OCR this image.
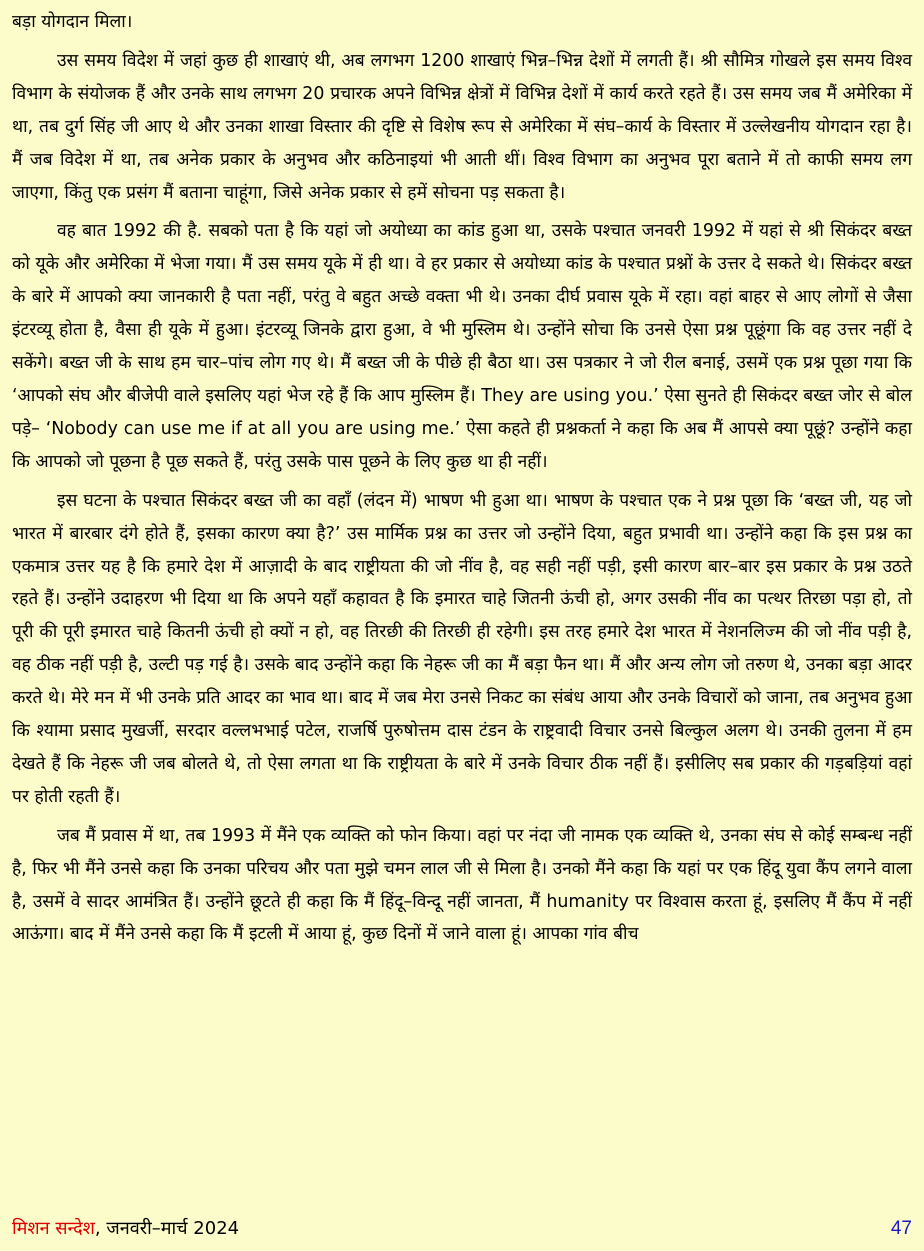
बड़ा योगदान मिला।

उस समय विदेश में जहां कुछ ही शाखाएं थी, अब लगभग 1200 शाखाएं भिन्न–भिन्न देशों में लगती हैं। श्री सौमित्र गोखले इस समय विश्व विभाग के संयोजक हैं और उनके साथ लगभग 20 प्रचारक अपने विभिन्न क्षेत्रों में विभिन्न देशों में कार्य करते रहते हैं। उस समय जब मैं अमेरिका में था, तब दुर्ग सिंह जी आए थे और उनका शाखा विस्तार की दृष्टि से विशेष रूप से अमेरिका में संघ–कार्य के विस्तार में उल्लेखनीय योगदान रहा है। मैं जब विदेश में था, तब अनेक प्रकार के अनुभव और कठिनाइयां भी आती थीं। विश्व विभाग का अनुभव पूरा बताने में तो काफी समय लग जाएगा, किंतु एक प्रसंग मैं बताना चाहूंगा, जिसे अनेक प्रकार से हमें सोचना पड़ सकता है।

वह बात 1992 की है. सबको पता है कि यहां जो अयोध्या का कांड हुआ था, उसके पश्चात जनवरी 1992 में यहां से श्री सिकंदर बख्त को यूके और अमेरिका में भेजा गया। मैं उस समय यूके में ही था। वे हर प्रकार से अयोध्या कांड के पश्चात प्रश्नों के उत्तर दे सकते थे। सिकंदर बख्त के बारे में आपको क्या जानकारी है पता नहीं, परंतु वे बहुत अच्छे वक्ता भी थे। उनका दीर्घ प्रवास यूके में रहा। वहां बाहर से आए लोगों से जैसा इंटरव्यू होता है, वैसा ही यूके में हुआ। इंटरव्यू जिनके द्वारा हुआ, वे भी मुस्लिम थे। उन्होंने सोचा कि उनसे ऐसा प्रश्न पूछूंगा कि वह उत्तर नहीं दे सकेंगे। बख्त जी के साथ हम चार–पांच लोग गए थे। मैं बख्त जी के पीछे ही बैठा था। उस पत्रकार ने जो रील बनाई, उसमें एक प्रश्न पूछा गया कि ‘आपको संघ और बीजेपी वाले इसलिए यहां भेज रहे हैं कि आप मुस्लिम हैं। They are using you.’ ऐसा सुनते ही सिकंदर बख्त जोर से बोल पड़े– ‘Nobody can use me if at all you are using me.’ ऐसा कहते ही प्रश्नकर्ता ने कहा कि अब मैं आपसे क्या पूछूं? उन्होंने कहा कि आपको जो पूछना है पूछ सकते हैं, परंतु उसके पास पूछने के लिए कुछ था ही नहीं।

इस घटना के पश्चात सिकंदर बख्त जी का वहाँ (लंदन में) भाषण भी हुआ था। भाषण के पश्चात एक ने प्रश्न पूछा कि ‘बख्त जी, यह जो भारत में बारबार दंगे होते हैं, इसका कारण क्या है?’ उस मार्मिक प्रश्न का उत्तर जो उन्होंने दिया, बहुत प्रभावी था। उन्होंने कहा कि इस प्रश्न का एकमात्र उत्तर यह है कि हमारे देश में आज़ादी के बाद राष्ट्रीयता की जो नींव है, वह सही नहीं पड़ी, इसी कारण बार–बार इस प्रकार के प्रश्न उठते रहते हैं। उन्होंने उदाहरण भी दिया था कि अपने यहाँ कहावत है कि इमारत चाहे जितनी ऊंची हो, अगर उसकी नींव का पत्थर तिरछा पड़ा हो, तो पूरी की पूरी इमारत चाहे कितनी ऊंची हो क्यों न हो, वह तिरछी की तिरछी ही रहेगी। इस तरह हमारे देश भारत में नेशनलिज्म की जो नींव पड़ी है, वह ठीक नहीं पड़ी है, उल्टी पड़ गई है। उसके बाद उन्होंने कहा कि नेहरू जी का मैं बड़ा फैन था। मैं और अन्य लोग जो तरुण थे, उनका बड़ा आदर करते थे। मेरे मन में भी उनके प्रति आदर का भाव था। बाद में जब मेरा उनसे निकट का संबंध आया और उनके विचारों को जाना, तब अनुभव हुआ कि श्यामा प्रसाद मुखर्जी, सरदार वल्लभभाई पटेल, राजर्षि पुरुषोत्तम दास टंडन के राष्ट्रवादी विचार उनसे बिल्कुल अलग थे। उनकी तुलना में हम देखते हैं कि नेहरू जी जब बोलते थे, तो ऐसा लगता था कि राष्ट्रीयता के बारे में उनके विचार ठीक नहीं हैं। इसीलिए सब प्रकार की गड़बड़ियां वहां पर होती रहती हैं।

जब मैं प्रवास में था, तब 1993 में मैंने एक व्यक्ति को फोन किया। वहां पर नंदा जी नामक एक व्यक्ति थे, उनका संघ से कोई सम्बन्ध नहीं है, फिर भी मैंने उनसे कहा कि उनका परिचय और पता मुझे चमन लाल जी से मिला है। उनको मैंने कहा कि यहां पर एक हिंदू युवा कैंप लगने वाला है, उसमें वे सादर आमंत्रित हैं। उन्होंने छूटते ही कहा कि मैं हिंदू–विन्दू नहीं जानता, मैं humanity पर विश्वास करता हूं, इसलिए मैं कैंप में नहीं आऊंगा। बाद में मैंने उनसे कहा कि मैं इटली में आया हूं, कुछ दिनों में जाने वाला हूं। आपका गांव बीच

मिशन सन्देश, जनवरी–मार्च 2024	47
